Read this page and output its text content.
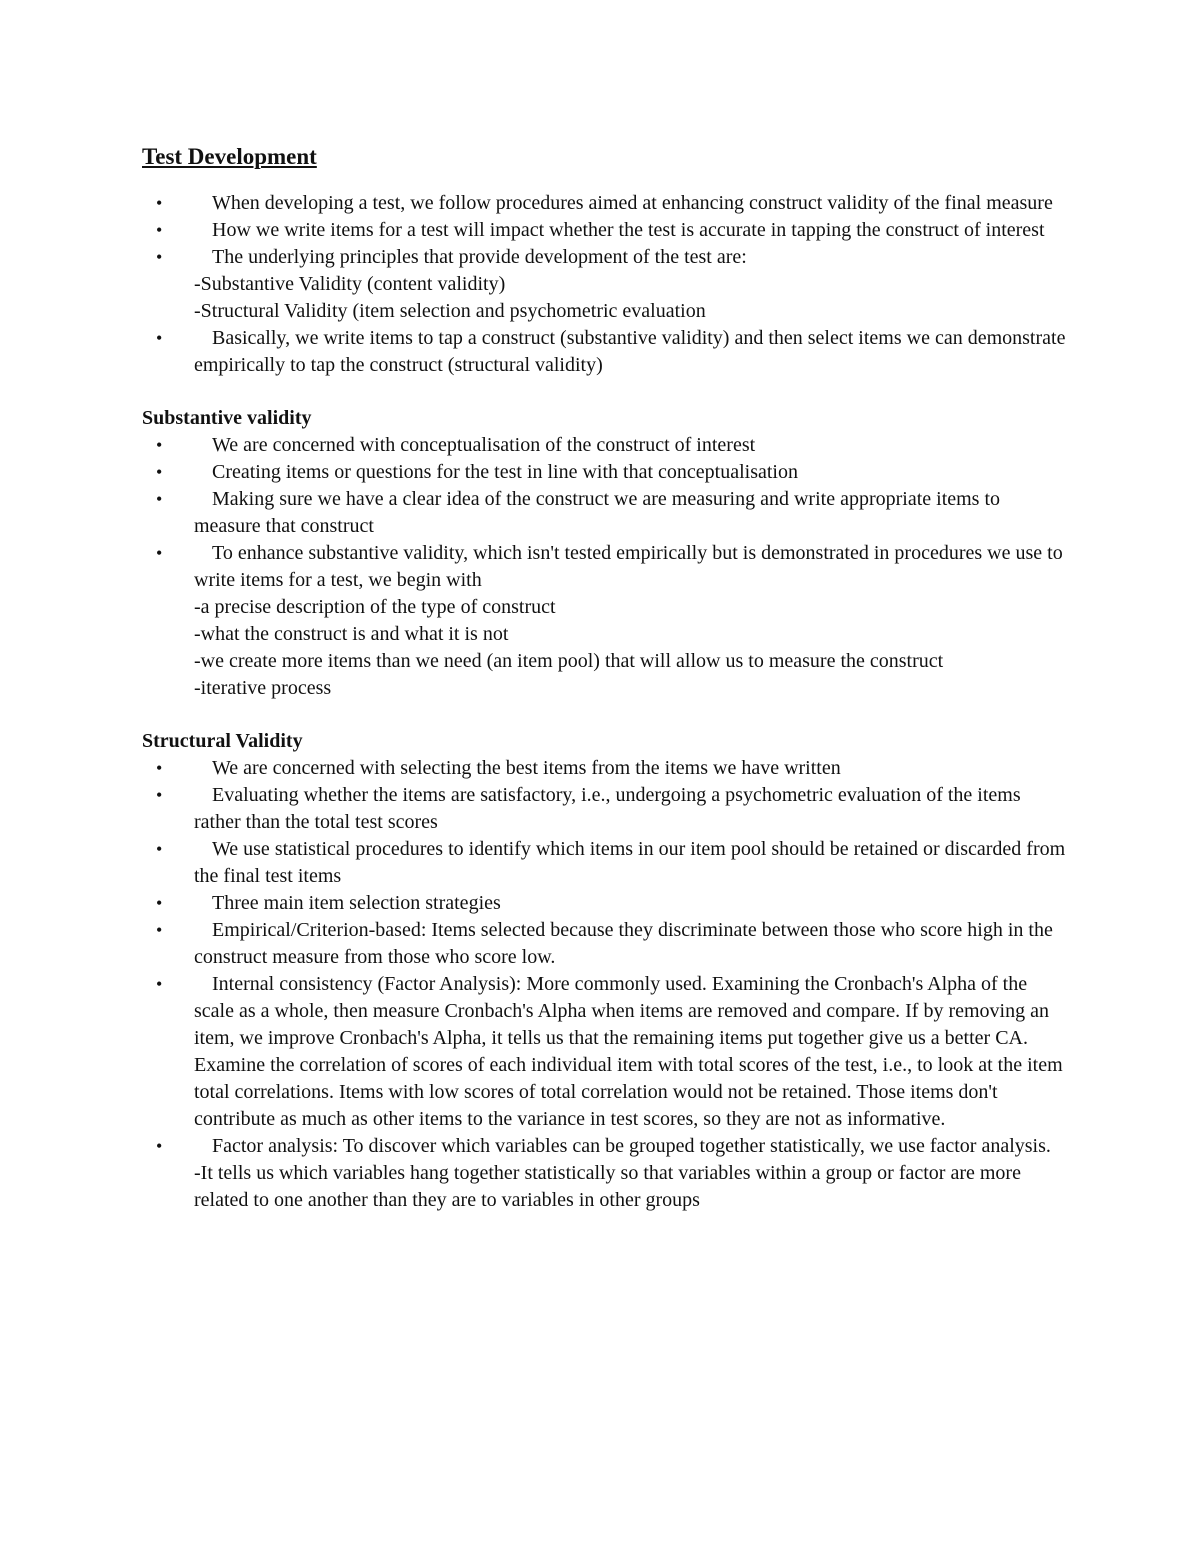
Test Development
•	When developing a test, we follow procedures aimed at enhancing construct validity of the final measure
•	How we write items for a test will impact whether the test is accurate in tapping the construct of interest
•	The underlying principles that provide development of the test are:
-Substantive Validity (content validity)
-Structural Validity (item selection and psychometric evaluation
•	Basically, we write items to tap a construct (substantive validity) and then select items we can demonstrate empirically to tap the construct (structural validity)
Substantive validity
•	We are concerned with conceptualisation of the construct of interest
•	Creating items or questions for the test in line with that conceptualisation
•	Making sure we have a clear idea of the construct we are measuring and write appropriate items to measure that construct
•	To enhance substantive validity, which isn't tested empirically but is demonstrated in procedures we use to write items for a test, we begin with
-a precise description of the type of construct
-what the construct is and what it is not
-we create more items than we need (an item pool) that will allow us to measure the construct
-iterative process
Structural Validity
•	We are concerned with selecting the best items from the items we have written
•	Evaluating whether the items are satisfactory, i.e., undergoing a psychometric evaluation of the items rather than the total test scores
•	We use statistical procedures to identify which items in our item pool should be retained or discarded from the final test items
•	Three main item selection strategies
•	Empirical/Criterion-based: Items selected because they discriminate between those who score high in the construct measure from those who score low.
•	Internal consistency (Factor Analysis): More commonly used. Examining the Cronbach's Alpha of the scale as a whole, then measure Cronbach's Alpha when items are removed and compare. If by removing an item, we improve Cronbach's Alpha, it tells us that the remaining items put together give us a better CA.
Examine the correlation of scores of each individual item with total scores of the test, i.e., to look at the item total correlations. Items with low scores of total correlation would not be retained. Those items don't contribute as much as other items to the variance in test scores, so they are not as informative.
•	Factor analysis: To discover which variables can be grouped together statistically, we use factor analysis.
-It tells us which variables hang together statistically so that variables within a group or factor are more related to one another than they are to variables in other groups
